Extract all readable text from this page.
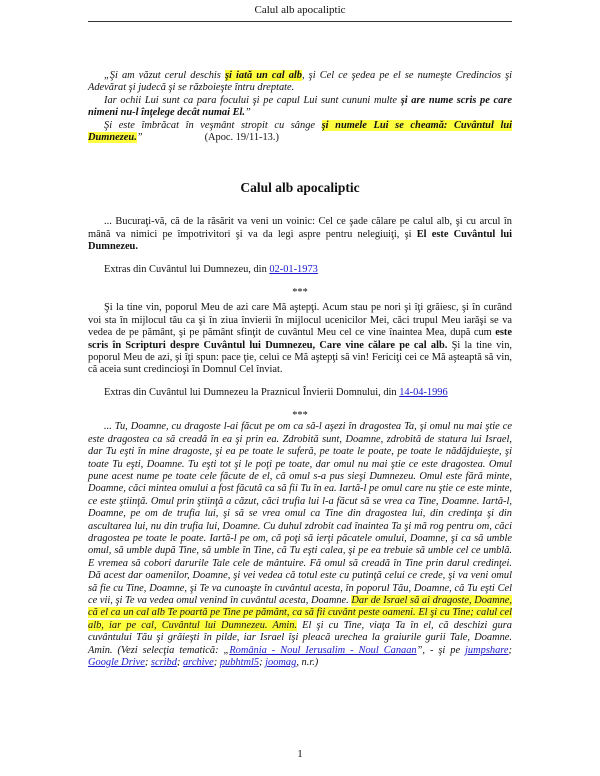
Calul alb apocaliptic

„Şi am văzut cerul deschis şi iată un cal alb, şi Cel ce şedea pe el se numeşte Credincios şi Adevărat şi judecă şi se războieşte întru dreptate.

Iar ochii Lui sunt ca para focului şi pe capul Lui sunt cununi multe şi are nume scris pe care nimeni nu-l înţelege decât numai El.”

Şi este îmbrăcat în veşmânt stropit cu sânge şi numele Lui se cheamă: Cuvântul lui Dumnezeu.”	(Apoc. 19/11-13.)

Calul alb apocaliptic

... Bucuraţi-vă, că de la răsărit va veni un voinic: Cel ce şade călare pe calul alb, şi cu arcul în mână va nimici pe împotrivitori şi va da legi aspre pentru nelegiuiţi, şi El este Cuvântul lui Dumnezeu.

Extras din Cuvântul lui Dumnezeu, din 02-01-1973

***

Şi la tine vin, poporul Meu de azi care Mă aştepţi. Acum stau pe nori şi îţi grăiesc, şi în curând voi sta în mijlocul tău ca şi în ziua învierii în mijlocul ucenicilor Mei, căci trupul Meu iarăşi se va vedea de pe pământ, şi pe pământ sfinţit de cuvântul Meu cel ce vine înaintea Mea, după cum este scris în Scripturi despre Cuvântul lui Dumnezeu, Care vine călare pe cal alb. Şi la tine vin, poporul Meu de azi, şi îţi spun: pace ţie, celui ce Mă aştepţi să vin! Fericiţi cei ce Mă aşteaptă să vin, că aceia sunt credincioşi în Domnul Cel înviat.

Extras din Cuvântul lui Dumnezeu la Praznicul Învierii Domnului, din 14-04-1996

***

... Tu, Doamne, cu dragoste l-ai făcut pe om ca să-l aşezi în dragostea Ta, şi omul nu mai ştie ce este dragostea ca să creadă în ea şi prin ea. Zdrobită sunt, Doamne, zdrobită de statura lui Israel, dar Tu eşti în mine dragoste, şi ea pe toate le suferă, pe toate le poate, pe toate le nădăjduieşte, şi toate Tu eşti, Doamne. Tu eşti tot şi le poţi pe toate, dar omul nu mai ştie ce este dragostea. Omul pune acest nume pe toate cele făcute de el, că omul s-a pus sieşi Dumnezeu. Omul este fără minte, Doamne, căci mintea omului a fost făcută ca să fii Tu în ea. Iartă-l pe omul care nu ştie ce este minte, ce este ştiinţă. Omul prin ştiinţă a căzut, căci trufia lui l-a făcut să se vrea ca Tine, Doamne. Iartă-l, Doamne, pe om de trufia lui, şi să se vrea omul ca Tine din dragostea lui, din credinţa şi din ascultarea lui, nu din trufia lui, Doamne. Cu duhul zdrobit cad înaintea Ta şi mă rog pentru om, căci dragostea pe toate le poate. Iartă-l pe om, că poţi să ierţi păcatele omului, Doamne, şi ca să umble omul, să umble după Tine, să umble în Tine, că Tu eşti calea, şi pe ea trebuie să umble cel ce umblă. E vremea să cobori darurile Tale cele de mântuire. Fă omul să creadă în Tine prin darul credinţei. Dă acest dar oamenilor, Doamne, şi vei vedea că totul este cu putinţă celui ce crede, şi va veni omul să fie cu Tine, Doamne, şi Te va cunoaşte în cuvântul acesta, în poporul Tău, Doamne, că Tu eşti Cel ce vii, şi Te va vedea omul venind în cuvântul acesta, Doamne. Dar de Israel să ai dragoste, Doamne, că el ca un cal alb Te poartă pe Tine pe pământ, ca să fii cuvânt peste oameni. El şi cu Tine; calul cel alb, iar pe cal, Cuvântul lui Dumnezeu. Amin. El şi cu Tine, viaţa Ta în el, că deschizi gura cuvântului Tău şi grăieşti în pilde, iar Israel îşi pleacă urechea la graiurile gurii Tale, Doamne. Amin. (Vezi selecţia tematică: „România - Noul Ierusalim - Noul Canaan”, - şi pe jumpshare; Google Drive; scribd; archive; pubhtml5; joomag, n.r.)

1
